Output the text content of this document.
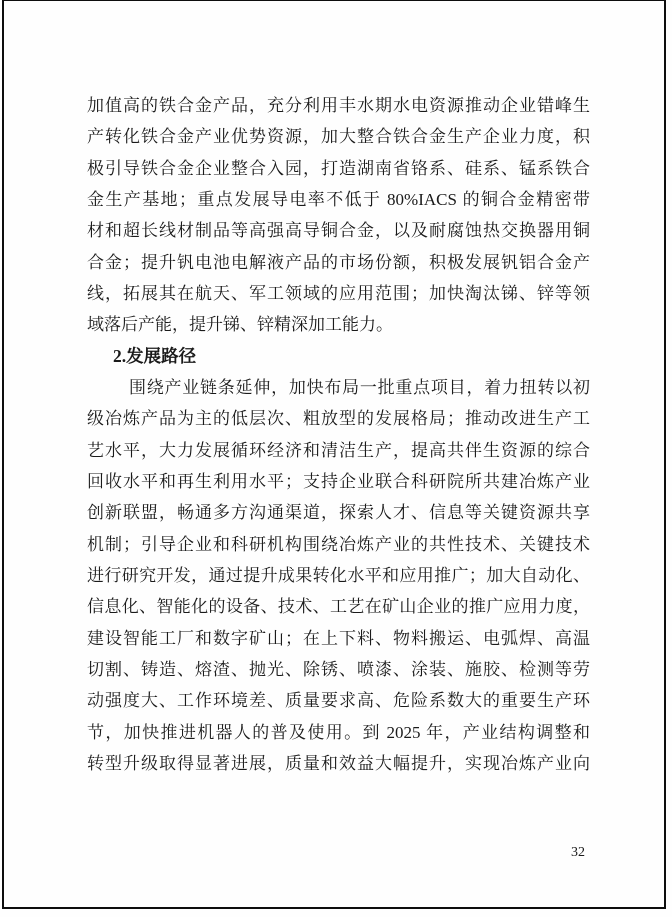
加值高的铁合金产品，充分利用丰水期水电资源推动企业错峰生
产转化铁合金产业优势资源，加大整合铁合金生产企业力度，积
极引导铁合金企业整合入园，打造湖南省铬系、硅系、锰系铁合
金生产基地；重点发展导电率不低于 80%IACS 的铜合金精密带
材和超长线材制品等高强高导铜合金，以及耐腐蚀热交换器用铜
合金；提升钒电池电解液产品的市场份额，积极发展钒铝合金产
线，拓展其在航天、军工领域的应用范围；加快淘汰锑、锌等领
域落后产能，提升锑、锌精深加工能力。
2.发展路径
围绕产业链条延伸，加快布局一批重点项目，着力扭转以初
级冶炼产品为主的低层次、粗放型的发展格局；推动改进生产工
艺水平，大力发展循环经济和清洁生产，提高共伴生资源的综合
回收水平和再生利用水平；支持企业联合科研院所共建冶炼产业
创新联盟，畅通多方沟通渠道，探索人才、信息等关键资源共享
机制；引导企业和科研机构围绕冶炼产业的共性技术、关键技术
进行研究开发，通过提升成果转化水平和应用推广；加大自动化、
信息化、智能化的设备、技术、工艺在矿山企业的推广应用力度，
建设智能工厂和数字矿山；在上下料、物料搬运、电弧焊、高温
切割、铸造、熔渣、抛光、除锈、喷漆、涂装、施胶、检测等劳
动强度大、工作环境差、质量要求高、危险系数大的重要生产环
节，加快推进机器人的普及使用。到 2025 年，产业结构调整和
转型升级取得显著进展，质量和效益大幅提升，实现冶炼产业向
32
